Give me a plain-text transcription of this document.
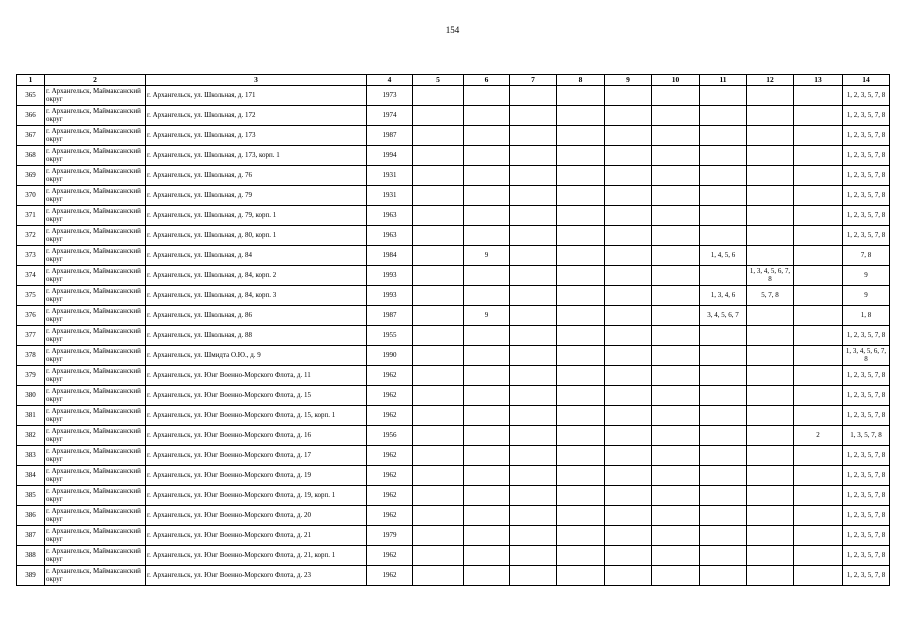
154
1	2	3	4	5	6	7	8	9	10	11	12	13	14
365	г. Архангельск, Маймаксанский округ	г. Архангельск, ул. Школьная, д. 171	1973										1, 2, 3, 5, 7, 8
366	г. Архангельск, Маймаксанский округ	г. Архангельск, ул. Школьная, д. 172	1974										1, 2, 3, 5, 7, 8
367	г. Архангельск, Маймаксанский округ	г. Архангельск, ул. Школьная, д. 173	1987										1, 2, 3, 5, 7, 8
368	г. Архангельск, Маймаксанский округ	г. Архангельск, ул. Школьная, д. 173, корп. 1	1994										1, 2, 3, 5, 7, 8
369	г. Архангельск, Маймаксанский округ	г. Архангельск, ул. Школьная, д. 76	1931										1, 2, 3, 5, 7, 8
370	г. Архангельск, Маймаксанский округ	г. Архангельск, ул. Школьная, д. 79	1931										1, 2, 3, 5, 7, 8
371	г. Архангельск, Маймаксанский округ	г. Архангельск, ул. Школьная, д. 79, корп. 1	1963										1, 2, 3, 5, 7, 8
372	г. Архангельск, Маймаксанский округ	г. Архангельск, ул. Школьная, д. 80, корп. 1	1963										1, 2, 3, 5, 7, 8
373	г. Архангельск, Маймаксанский округ	г. Архангельск, ул. Школьная, д. 84	1984		9					1, 4, 5, 6			7, 8
374	г. Архангельск, Маймаксанский округ	г. Архангельск, ул. Школьная, д. 84, корп. 2	1993								1, 3, 4, 5, 6, 7, 8		9
375	г. Архангельск, Маймаксанский округ	г. Архангельск, ул. Школьная, д. 84, корп. 3	1993							1, 3, 4, 6	5, 7, 8		9
376	г. Архангельск, Маймаксанский округ	г. Архангельск, ул. Школьная, д. 86	1987		9					3, 4, 5, 6, 7			1, 8
377	г. Архангельск, Маймаксанский округ	г. Архангельск, ул. Школьная, д. 88	1955										1, 2, 3, 5, 7, 8
378	г. Архангельск, Маймаксанский округ	г. Архангельск, ул. Шмидта О.Ю., д. 9	1990										1, 3, 4, 5, 6, 7, 8
379	г. Архангельск, Маймаксанский округ	г. Архангельск, ул. Юнг Военно-Морского Флота, д. 11	1962										1, 2, 3, 5, 7, 8
380	г. Архангельск, Маймаксанский округ	г. Архангельск, ул. Юнг Военно-Морского Флота, д. 15	1962										1, 2, 3, 5, 7, 8
381	г. Архангельск, Маймаксанский округ	г. Архангельск, ул. Юнг Военно-Морского Флота, д. 15, корп. 1	1962										1, 2, 3, 5, 7, 8
382	г. Архангельск, Маймаксанский округ	г. Архангельск, ул. Юнг Военно-Морского Флота, д. 16	1956									2	1, 3, 5, 7, 8
383	г. Архангельск, Маймаксанский округ	г. Архангельск, ул. Юнг Военно-Морского Флота, д. 17	1962										1, 2, 3, 5, 7, 8
384	г. Архангельск, Маймаксанский округ	г. Архангельск, ул. Юнг Военно-Морского Флота, д. 19	1962										1, 2, 3, 5, 7, 8
385	г. Архангельск, Маймаксанский округ	г. Архангельск, ул. Юнг Военно-Морского Флота, д. 19, корп. 1	1962										1, 2, 3, 5, 7, 8
386	г. Архангельск, Маймаксанский округ	г. Архангельск, ул. Юнг Военно-Морского Флота, д. 20	1962										1, 2, 3, 5, 7, 8
387	г. Архангельск, Маймаксанский округ	г. Архангельск, ул. Юнг Военно-Морского Флота, д. 21	1979										1, 2, 3, 5, 7, 8
388	г. Архангельск, Маймаксанский округ	г. Архангельск, ул. Юнг Военно-Морского Флота, д. 21, корп. 1	1962										1, 2, 3, 5, 7, 8
389	г. Архангельск, Маймаксанский округ	г. Архангельск, ул. Юнг Военно-Морского Флота, д. 23	1962										1, 2, 3, 5, 7, 8
